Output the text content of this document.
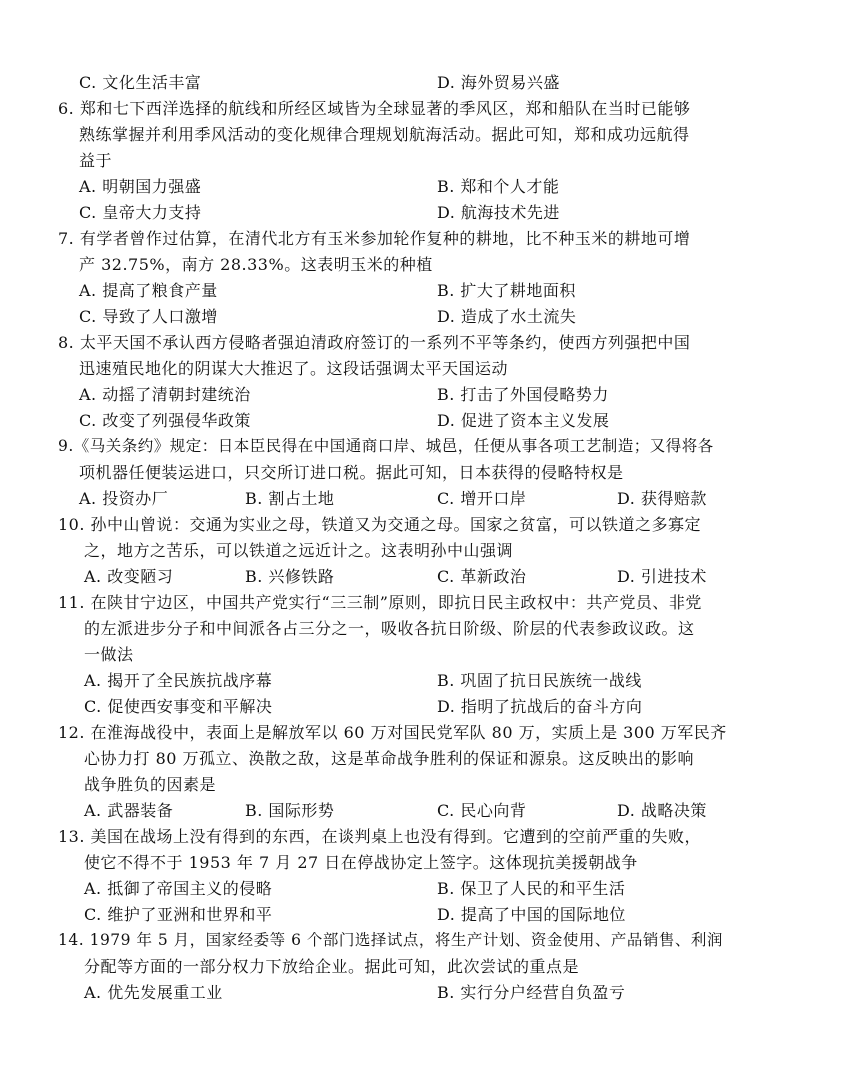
C. 文化生活丰富	D. 海外贸易兴盛
6. 郑和七下西洋选择的航线和所经区域皆为全球显著的季风区，郑和船队在当时已能够
熟练掌握并利用季风活动的变化规律合理规划航海活动。据此可知，郑和成功远航得
益于
A. 明朝国力强盛	B. 郑和个人才能
C. 皇帝大力支持	D. 航海技术先进
7. 有学者曾作过估算，在清代北方有玉米参加轮作复种的耕地，比不种玉米的耕地可增
产 32.75%，南方 28.33%。这表明玉米的种植
A. 提高了粮食产量	B. 扩大了耕地面积
C. 导致了人口激增	D. 造成了水土流失
8. 太平天国不承认西方侵略者强迫清政府签订的一系列不平等条约，使西方列强把中国
迅速殖民地化的阴谋大大推迟了。这段话强调太平天国运动
A. 动摇了清朝封建统治	B. 打击了外国侵略势力
C. 改变了列强侵华政策	D. 促进了资本主义发展
9.《马关条约》规定：日本臣民得在中国通商口岸、城邑，任便从事各项工艺制造；又得将各
项机器任便装运进口，只交所订进口税。据此可知，日本获得的侵略特权是
A. 投资办厂	B. 割占土地	C. 增开口岸	D. 获得赔款
10. 孙中山曾说：交通为实业之母，铁道又为交通之母。国家之贫富，可以铁道之多寡定
之，地方之苦乐，可以铁道之远近计之。这表明孙中山强调
A. 改变陋习	B. 兴修铁路	C. 革新政治	D. 引进技术
11. 在陕甘宁边区，中国共产党实行“三三制”原则，即抗日民主政权中：共产党员、非党
的左派进步分子和中间派各占三分之一，吸收各抗日阶级、阶层的代表参政议政。这
一做法
A. 揭开了全民族抗战序幕	B. 巩固了抗日民族统一战线
C. 促使西安事变和平解决	D. 指明了抗战后的奋斗方向
12. 在淮海战役中，表面上是解放军以 60 万对国民党军队 80 万，实质上是 300 万军民齐
心协力打 80 万孤立、涣散之敌，这是革命战争胜利的保证和源泉。这反映出的影响
战争胜负的因素是
A. 武器装备	B. 国际形势	C. 民心向背	D. 战略决策
13. 美国在战场上没有得到的东西，在谈判桌上也没有得到。它遭到的空前严重的失败，
使它不得不于 1953 年 7 月 27 日在停战协定上签字。这体现抗美援朝战争
A. 抵御了帝国主义的侵略	B. 保卫了人民的和平生活
C. 维护了亚洲和世界和平	D. 提高了中国的国际地位
14. 1979 年 5 月，国家经委等 6 个部门选择试点，将生产计划、资金使用、产品销售、利润
分配等方面的一部分权力下放给企业。据此可知，此次尝试的重点是
A. 优先发展重工业	B. 实行分户经营自负盈亏
